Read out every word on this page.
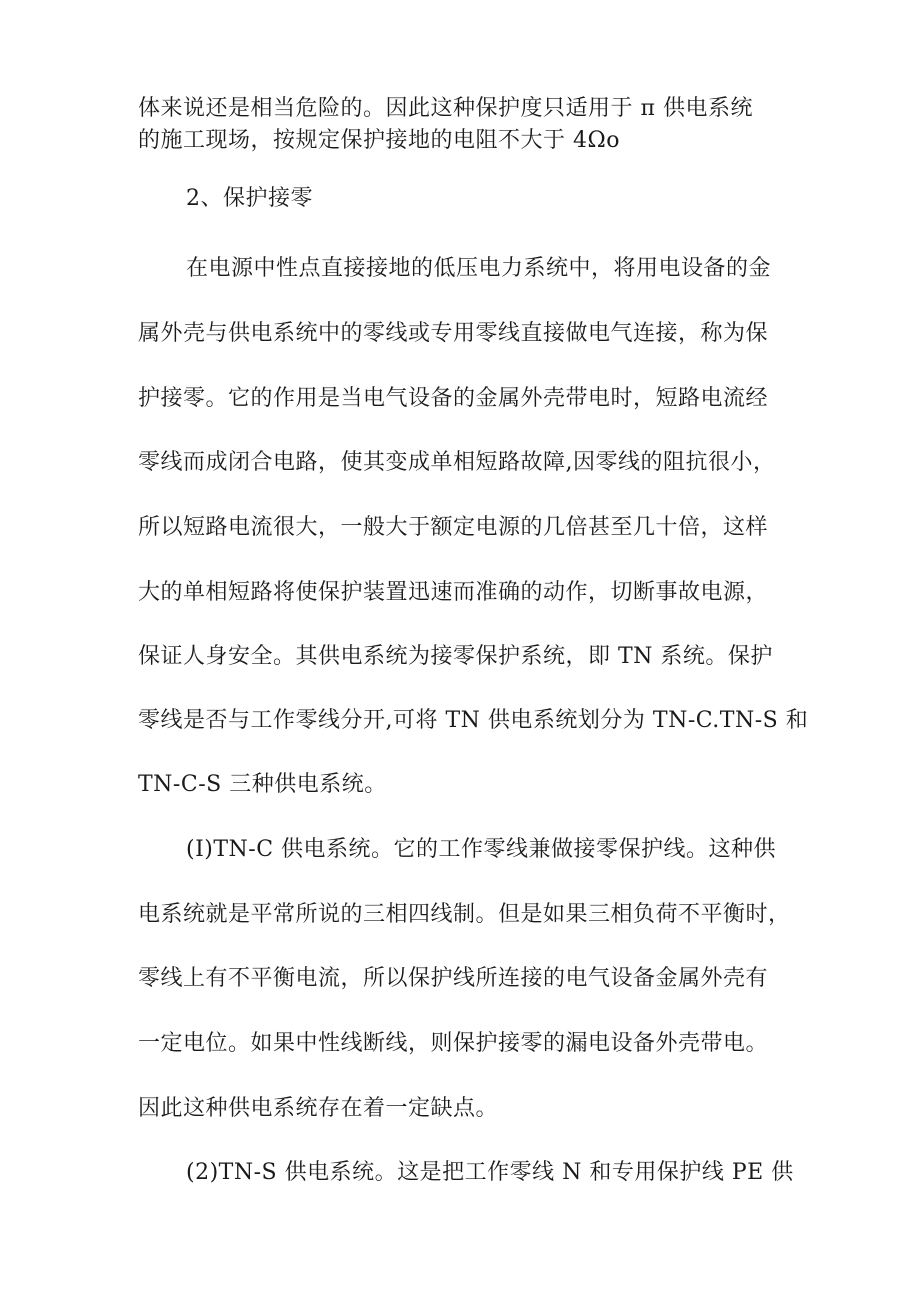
体来说还是相当危险的。因此这种保护度只适用于 π 供电系统
的施工现场，按规定保护接地的电阻不大于 4Ωo
2、保护接零
在电源中性点直接接地的低压电力系统中，将用电设备的金
属外壳与供电系统中的零线或专用零线直接做电气连接，称为保
护接零。它的作用是当电气设备的金属外壳带电时，短路电流经
零线而成闭合电路，使其变成单相短路故障,因零线的阻抗很小，
所以短路电流很大，一般大于额定电源的几倍甚至几十倍，这样
大的单相短路将使保护装置迅速而准确的动作，切断事故电源，
保证人身安全。其供电系统为接零保护系统，即 TN 系统。保护
零线是否与工作零线分开,可将 TN 供电系统划分为 TN-C.TN-S 和
TN-C-S 三种供电系统。
(I)TN-C 供电系统。它的工作零线兼做接零保护线。这种供
电系统就是平常所说的三相四线制。但是如果三相负荷不平衡时，
零线上有不平衡电流，所以保护线所连接的电气设备金属外壳有
一定电位。如果中性线断线，则保护接零的漏电设备外壳带电。
因此这种供电系统存在着一定缺点。
(2)TN-S 供电系统。这是把工作零线 N 和专用保护线 PE 供
